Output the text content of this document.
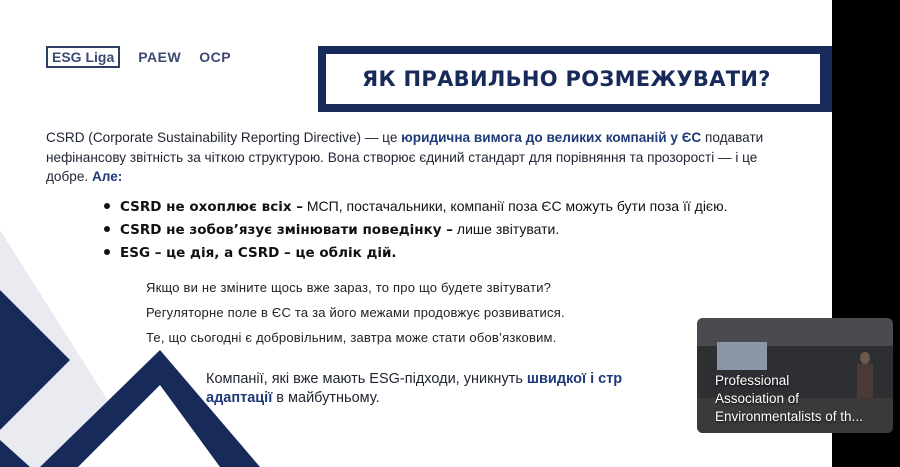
ESG Liga	PAEW OCP
ЯК ПРАВИЛЬНО РОЗМЕЖУВАТИ?

CSRD (Corporate Sustainability Reporting Directive) — це юридична вимога до великих компаній у ЄС подавати нефінансову звітність за чіткою структурою. Вона створює єдиний стандарт для порівняння та прозорості — і це добре. Але:

CSRD не охоплює всіх – МСП, постачальники, компанії поза ЄС можуть бути поза її дією.
CSRD не зобов’язує змінювати поведінку – лише звітувати.
ESG – це дія, а CSRD – це облік дій.

Якщо ви не зміните щось вже зараз, то про що будете звітувати?

Регуляторне поле в ЄС та за його межами продовжує розвиватися.

Те, що сьогодні є добровільним, завтра може стати обов’язковим.

Компанії, які вже мають ESG-підходи, уникнуть швидкої і стр
адаптації в майбутньому.

Professional
Association of
Environmentalists of th...
